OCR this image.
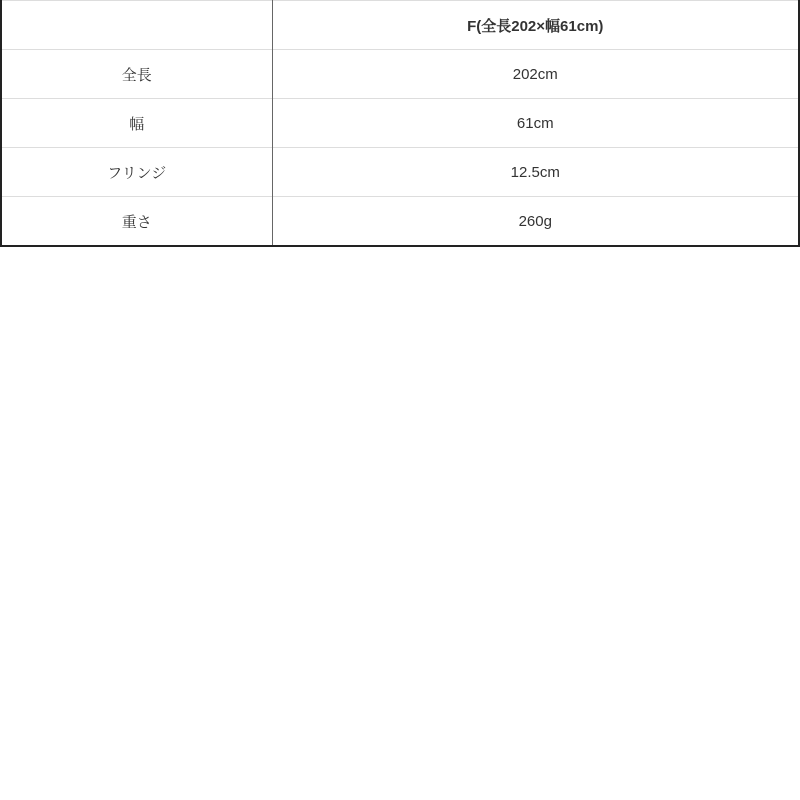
	F(全長202×幅61cm)
全長	202cm
幅	61cm
フリンジ	12.5cm
重さ	260g
